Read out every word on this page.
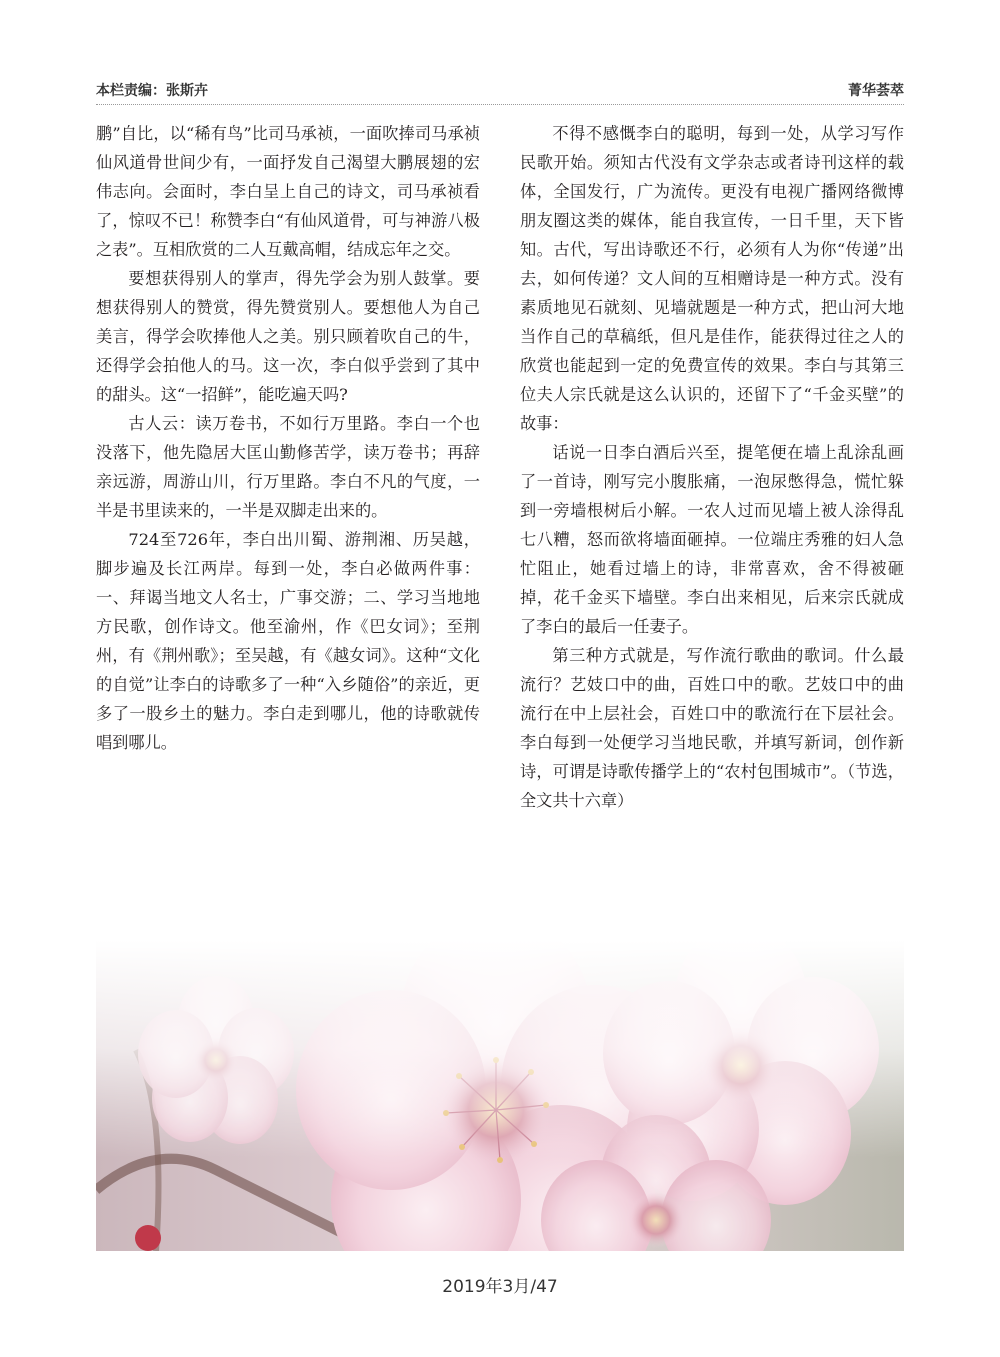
本栏责编：张斯卉	菁华荟萃

鹏”自比，以“稀有鸟”比司马承祯，一面吹捧司马承祯仙风道骨世间少有，一面抒发自己渴望大鹏展翅的宏伟志向。会面时，李白呈上自己的诗文，司马承祯看了，惊叹不已！称赞李白“有仙风道骨，可与神游八极之表”。互相欣赏的二人互戴高帽，结成忘年之交。

要想获得别人的掌声，得先学会为别人鼓掌。要想获得别人的赞赏，得先赞赏别人。要想他人为自己美言，得学会吹捧他人之美。别只顾着吹自己的牛，还得学会拍他人的马。这一次，李白似乎尝到了其中的甜头。这“一招鲜”，能吃遍天吗?

古人云：读万卷书，不如行万里路。李白一个也没落下，他先隐居大匡山勤修苦学，读万卷书；再辞亲远游，周游山川，行万里路。李白不凡的气度，一半是书里读来的，一半是双脚走出来的。

724至726年，李白出川蜀、游荆湘、历吴越，脚步遍及长江两岸。每到一处，李白必做两件事：一、拜谒当地文人名士，广事交游；二、学习当地地方民歌，创作诗文。他至渝州，作《巴女词》；至荆州，有《荆州歌》；至吴越，有《越女词》。这种“文化的自觉”让李白的诗歌多了一种“入乡随俗”的亲近，更多了一股乡土的魅力。李白走到哪儿，他的诗歌就传唱到哪儿。

不得不感慨李白的聪明，每到一处，从学习写作民歌开始。须知古代没有文学杂志或者诗刊这样的载体，全国发行，广为流传。更没有电视广播网络微博朋友圈这类的媒体，能自我宣传，一日千里，天下皆知。古代，写出诗歌还不行，必须有人为你“传递”出去，如何传递？文人间的互相赠诗是一种方式。没有素质地见石就刻、见墙就题是一种方式，把山河大地当作自己的草稿纸，但凡是佳作，能获得过往之人的欣赏也能起到一定的免费宣传的效果。李白与其第三位夫人宗氏就是这么认识的，还留下了“千金买壁”的故事：

话说一日李白酒后兴至，提笔便在墙上乱涂乱画了一首诗，刚写完小腹胀痛，一泡尿憋得急，慌忙躲到一旁墙根树后小解。一农人过而见墙上被人涂得乱七八糟，怒而欲将墙面砸掉。一位端庄秀雅的妇人急忙阻止，她看过墙上的诗，非常喜欢，舍不得被砸掉，花千金买下墙壁。李白出来相见，后来宗氏就成了李白的最后一任妻子。

第三种方式就是，写作流行歌曲的歌词。什么最流行？艺妓口中的曲，百姓口中的歌。艺妓口中的曲流行在中上层社会，百姓口中的歌流行在下层社会。李白每到一处便学习当地民歌，并填写新词，创作新诗，可谓是诗歌传播学上的“农村包围城市”。（节选，全文共十六章）

2019年3月/47
